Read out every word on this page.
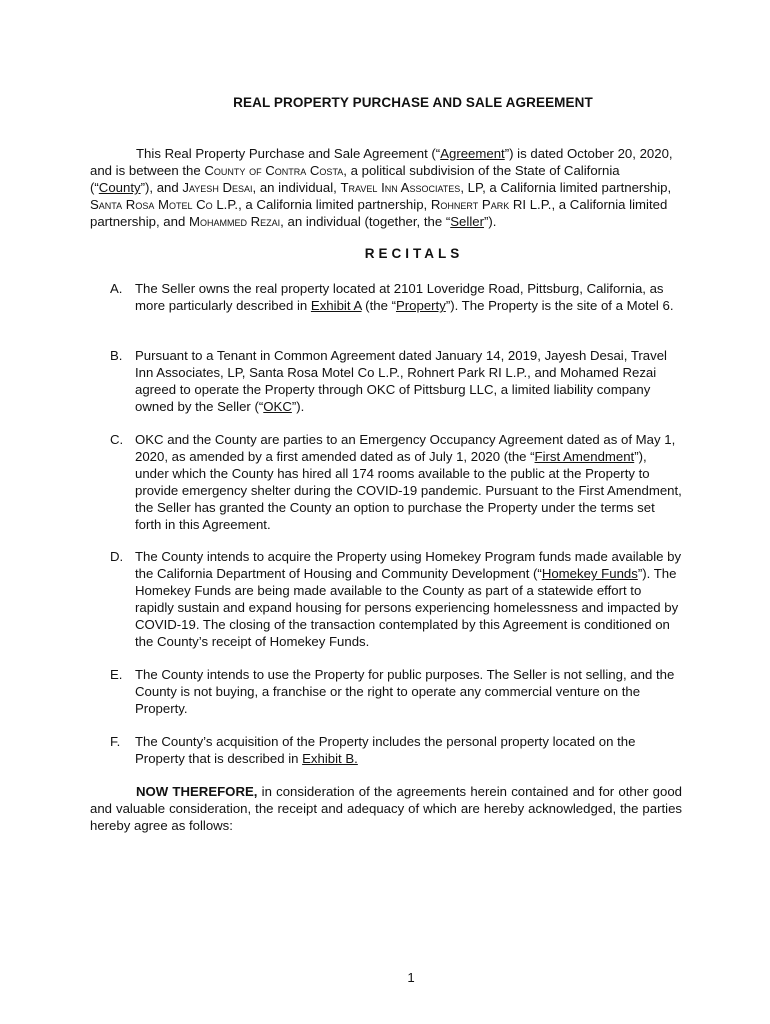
REAL PROPERTY PURCHASE AND SALE AGREEMENT
This Real Property Purchase and Sale Agreement (“Agreement”) is dated October 20, 2020, and is between the County of Contra Costa, a political subdivision of the State of California (“County”), and Jayesh Desai, an individual, Travel Inn Associates, LP, a California limited partnership, Santa Rosa Motel Co L.P., a California limited partnership, Rohnert Park RI L.P., a California limited partnership, and Mohammed Rezai, an individual (together, the “Seller”).
RECITALS
A. The Seller owns the real property located at 2101 Loveridge Road, Pittsburg, California, as more particularly described in Exhibit A (the “Property”). The Property is the site of a Motel 6.
B. Pursuant to a Tenant in Common Agreement dated January 14, 2019, Jayesh Desai, Travel Inn Associates, LP, Santa Rosa Motel Co L.P., Rohnert Park RI L.P., and Mohamed Rezai agreed to operate the Property through OKC of Pittsburg LLC, a limited liability company owned by the Seller (“OKC”).
C. OKC and the County are parties to an Emergency Occupancy Agreement dated as of May 1, 2020, as amended by a first amended dated as of July 1, 2020 (the “First Amendment”), under which the County has hired all 174 rooms available to the public at the Property to provide emergency shelter during the COVID-19 pandemic. Pursuant to the First Amendment, the Seller has granted the County an option to purchase the Property under the terms set forth in this Agreement.
D. The County intends to acquire the Property using Homekey Program funds made available by the California Department of Housing and Community Development (“Homekey Funds”). The Homekey Funds are being made available to the County as part of a statewide effort to rapidly sustain and expand housing for persons experiencing homelessness and impacted by COVID-19. The closing of the transaction contemplated by this Agreement is conditioned on the County’s receipt of Homekey Funds.
E. The County intends to use the Property for public purposes. The Seller is not selling, and the County is not buying, a franchise or the right to operate any commercial venture on the Property.
F.	The County’s acquisition of the Property includes the personal property located on the Property that is described in Exhibit B.
NOW THEREFORE, in consideration of the agreements herein contained and for other good and valuable consideration, the receipt and adequacy of which are hereby acknowledged, the parties hereby agree as follows:
1
